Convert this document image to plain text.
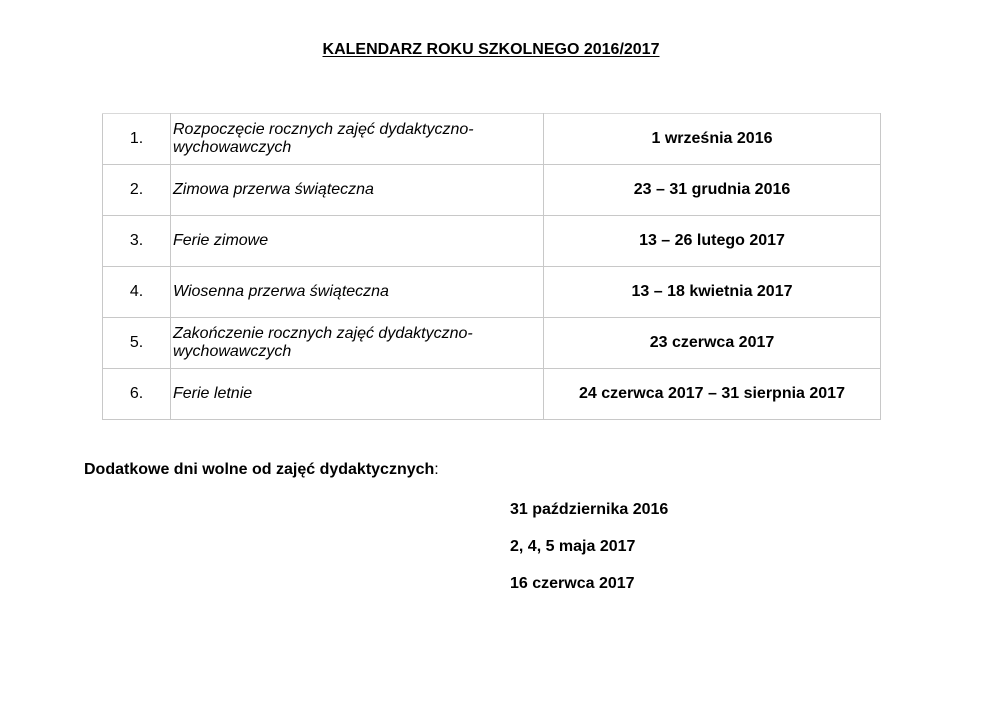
KALENDARZ ROKU SZKOLNEGO 2016/2017
1.	Rozpoczęcie rocznych zajęć dydaktyczno-wychowawczych	1 września 2016
2.	Zimowa przerwa świąteczna	23 – 31 grudnia 2016
3.	Ferie zimowe	13 – 26 lutego 2017
4.	Wiosenna przerwa świąteczna	13 – 18 kwietnia 2017
5.	Zakończenie rocznych zajęć dydaktyczno-wychowawczych	23 czerwca 2017
6.	Ferie letnie	24 czerwca 2017 – 31 sierpnia 2017
Dodatkowe dni wolne od zajęć dydaktycznych:
31 października 2016
2, 4, 5 maja 2017
16 czerwca 2017
